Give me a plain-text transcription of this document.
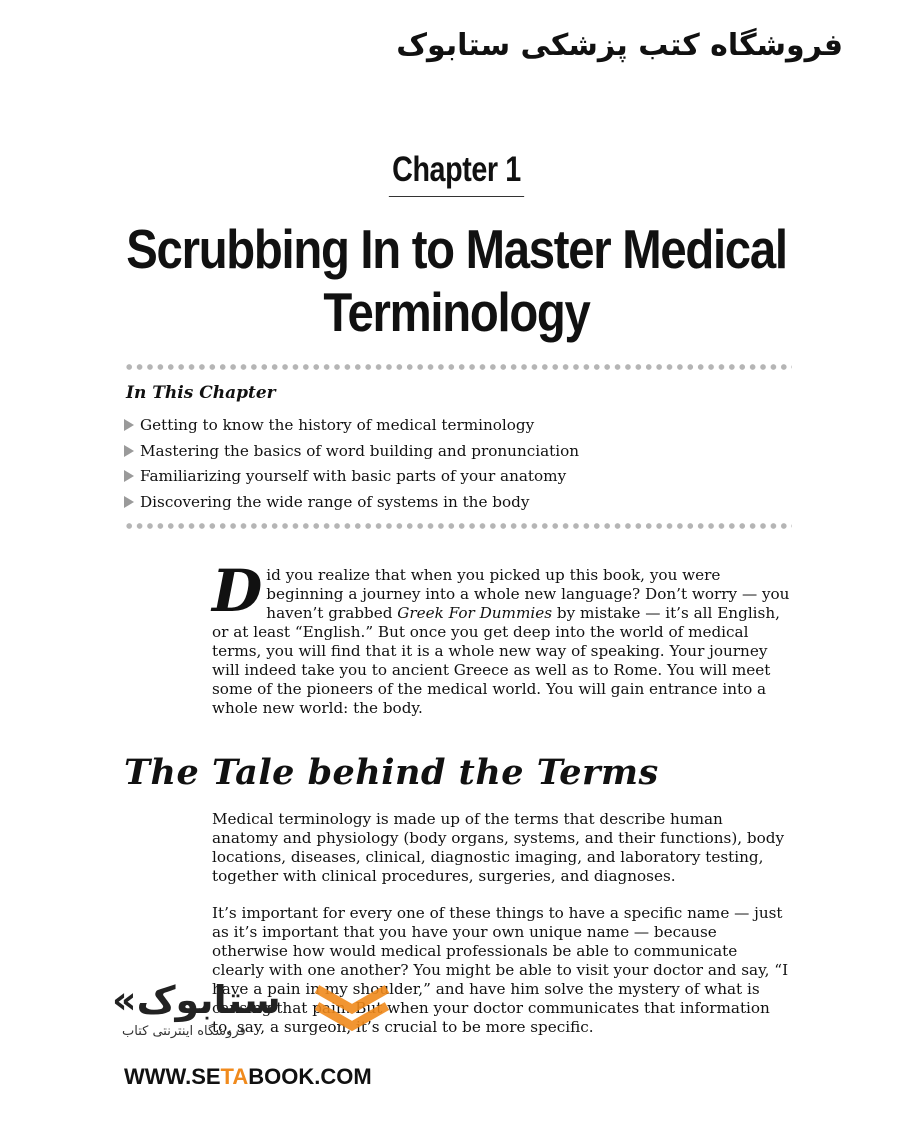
فروشگاه کتب پزشکی ستابوک
Chapter 1
Scrubbing In to Master Medical
Terminology
In This Chapter
Getting to know the history of medical terminology
Mastering the basics of word building and pronunciation
Familiarizing yourself with basic parts of your anatomy
Discovering the wide range of systems in the body
D id you realize that when you picked up this book, you were beginning a journey into a whole new language? Don’t worry — you haven’t grabbed Greek For Dummies by mistake — it’s all English, or at least “English.” But once you get deep into the world of medical terms, you will find that it is a whole new way of speaking. Your journey will indeed take you to ancient Greece as well as to Rome. You will meet some of the pioneers of the medical world. You will gain entrance into a whole new world: the body.

The Tale behind the Terms

Medical terminology is made up of the terms that describe human anatomy and physiology (body organs, systems, and their functions), body locations, diseases, clinical, diagnostic imaging, and laboratory testing, together with clinical procedures, surgeries, and diagnoses.

It’s important for every one of these things to have a specific name — just as it’s important that you have your own unique name — because otherwise how would medical professionals be able to communicate clearly with one another? You might be able to visit your doctor and say, “I have a pain in my shoulder,” and have him solve the mystery of what is causing that pain. But when your doctor communicates that information to, say, a surgeon, it’s crucial to be more specific.

«ستابوک
فروشگاه اینترنتی کتاب
WWW.SETABOOK.COM
